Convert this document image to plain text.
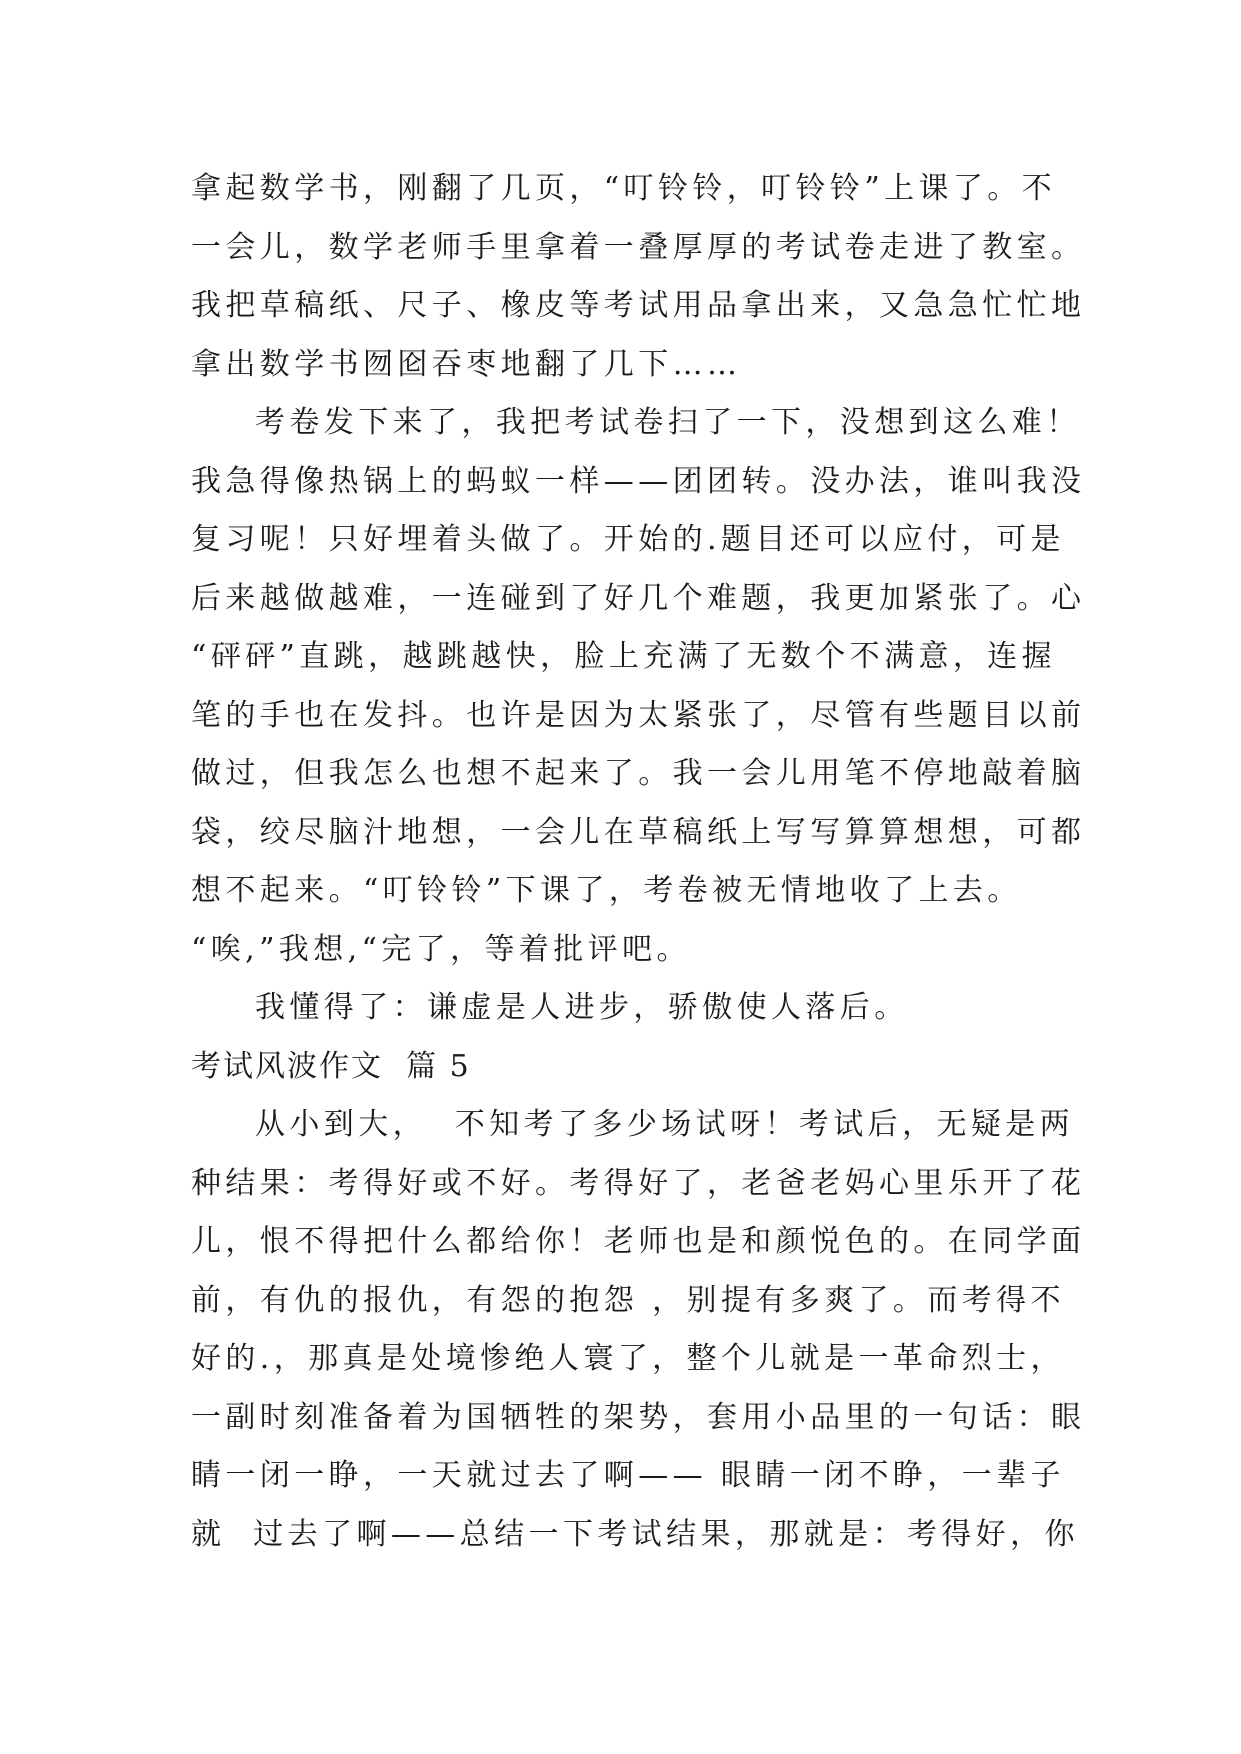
拿起数学书，刚翻了几页，“叮铃铃，叮铃铃”上课了。不
一会儿，数学老师手里拿着一叠厚厚的考试卷走进了教室。
我把草稿纸、尺子、橡皮等考试用品拿出来，又急急忙忙地
拿出数学书囫囵吞枣地翻了几下……
考卷发下来了，我把考试卷扫了一下，没想到这么难！
我急得像热锅上的蚂蚁一样——团团转。没办法，谁叫我没
复习呢！只好埋着头做了。开始的.题目还可以应付，可是
后来越做越难，一连碰到了好几个难题，我更加紧张了。心
“砰砰”直跳，越跳越快，脸上充满了无数个不满意，连握
笔的手也在发抖。也许是因为太紧张了，尽管有些题目以前
做过，但我怎么也想不起来了。我一会儿用笔不停地敲着脑
袋，绞尽脑汁地想，一会儿在草稿纸上写写算算想想，可都
想不起来。“叮铃铃”下课了，考卷被无情地收了上去。
“唉,”我想,“完了，等着批评吧。
我懂得了：谦虚是人进步，骄傲使人落后。
考试风波作文  篇 5
从小到大，  不知考了多少场试呀！考试后，无疑是两
种结果：考得好或不好。考得好了，老爸老妈心里乐开了花
儿，恨不得把什么都给你！老师也是和颜悦色的。在同学面
前，有仇的报仇，有怨的抱怨 ，别提有多爽了。而考得不
好的.，那真是处境惨绝人寰了，整个儿就是一革命烈士，
一副时刻准备着为国牺牲的架势，套用小品里的一句话：眼
睛一闭一睁，一天就过去了啊—— 眼睛一闭不睁，一辈子
就  过去了啊——总结一下考试结果，那就是：考得好，你
